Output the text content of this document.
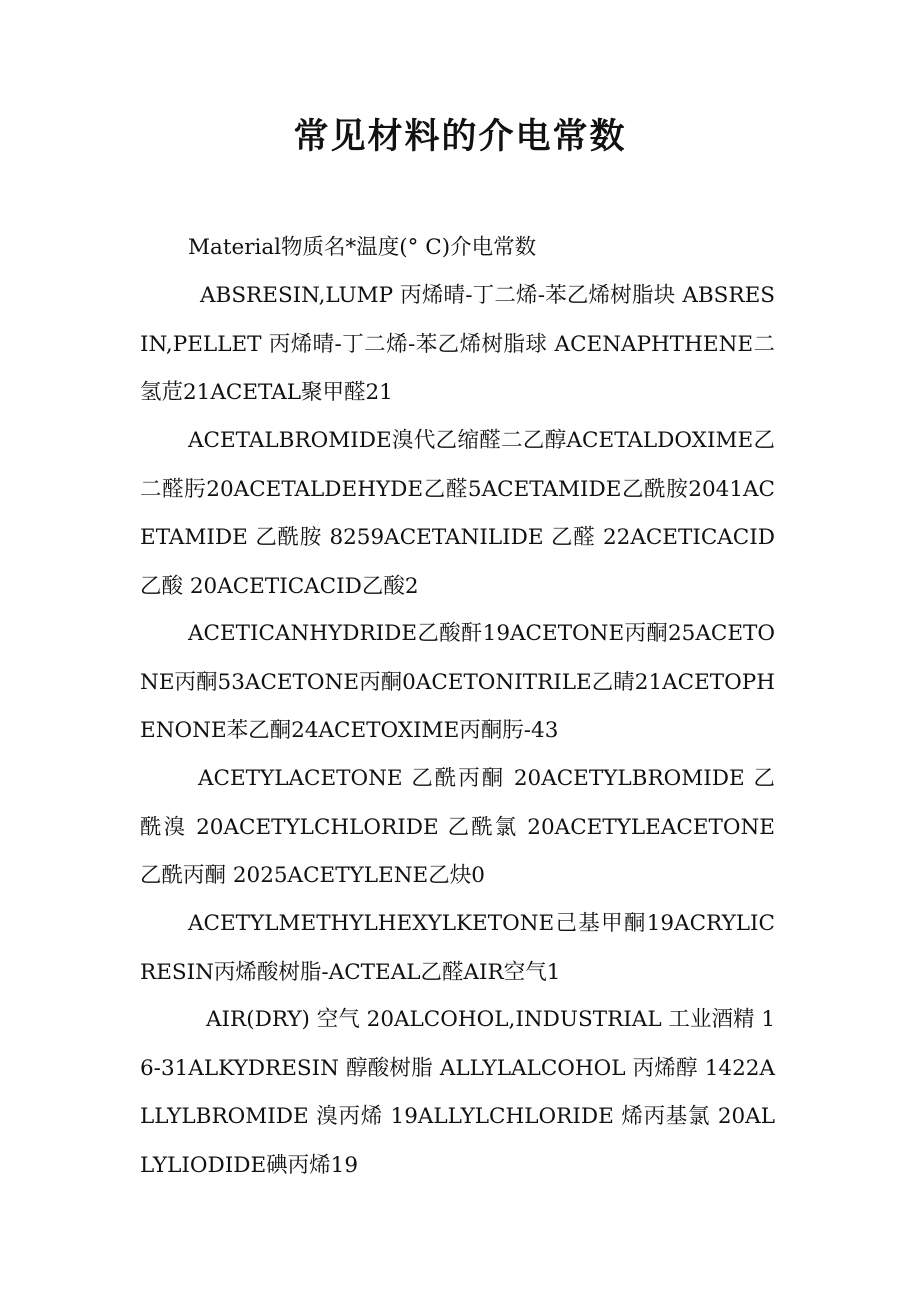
常见材料的介电常数
Material物质名*温度(° C)介电常数
ABSRESIN,LUMP 丙烯晴-丁二烯-苯乙烯树脂块 ABSRESIN,PELLET 丙烯晴-丁二烯-苯乙烯树脂球 ACENAPHTHENE二氢苊21ACETAL聚甲醛21
ACETALBROMIDE溴代乙缩醛二乙醇ACETALDOXIME乙二醛肟20ACETALDEHYDE乙醛5ACETAMIDE乙酰胺2041ACETAMIDE 乙酰胺 8259ACETANILIDE 乙醛 22ACETICACID 乙酸 20ACETICACID乙酸2
ACETICANHYDRIDE乙酸酐19ACETONE丙酮25ACETONE丙酮53ACETONE丙酮0ACETONITRILE乙睛21ACETOPHENONE苯乙酮24ACETOXIME丙酮肟-43
ACETYLACETONE 乙酰丙酮 20ACETYLBROMIDE 乙酰溴 20ACETYLCHLORIDE 乙酰氯 20ACETYLEACETONE 乙酰丙酮 2025ACETYLENE乙炔0
ACETYLMETHYLHEXYLKETONE己基甲酮19ACRYLICRESIN丙烯酸树脂-ACTEAL乙醛AIR空气1
AIR(DRY) 空气 20ALCOHOL,INDUSTRIAL 工业酒精 16-31ALKYDRESIN 醇酸树脂 ALLYLALCOHOL 丙烯醇 1422ALLYLBROMIDE 溴丙烯 19ALLYLCHLORIDE 烯丙基氯 20ALLYLIODIDE碘丙烯19
